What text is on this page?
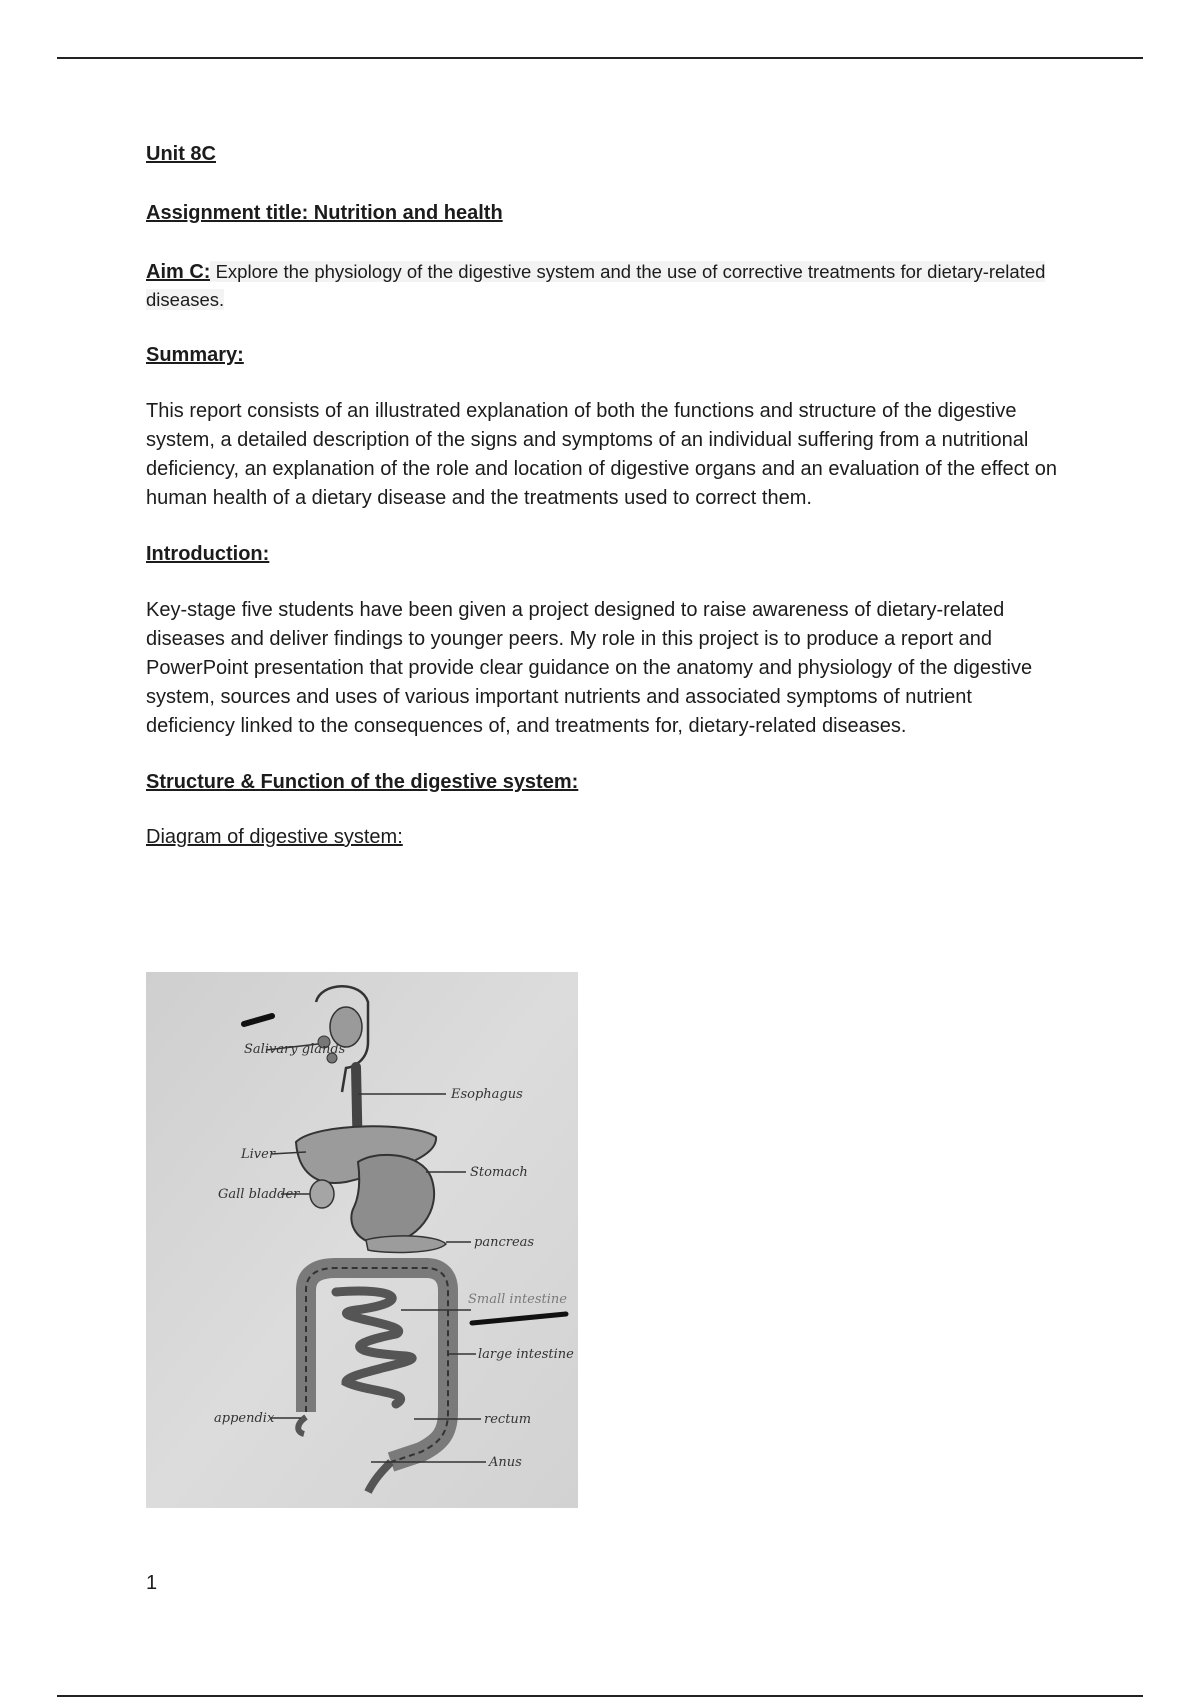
Unit 8C

Assignment title: Nutrition and health

Aim C: Explore the physiology of the digestive system and the use of corrective treatments for dietary-related diseases.

Summary:

This report consists of an illustrated explanation of both the functions and structure of the digestive system, a detailed description of the signs and symptoms of an individual suffering from a nutritional deficiency, an explanation of the role and location of digestive organs and an evaluation of the effect on human health of a dietary disease and the treatments used to correct them.

Introduction:

Key-stage five students have been given a project designed to raise awareness of dietary-related diseases and deliver findings to younger peers. My role in this project is to produce a report and PowerPoint presentation that provide clear guidance on the anatomy and physiology of the digestive system, sources and uses of various important nutrients and associated symptoms of nutrient deficiency linked to the consequences of, and treatments for, dietary-related diseases.

Structure & Function of the digestive system:

Diagram of digestive system:

Salivary glands
Esophagus
Liver
Gall bladder
Stomach
pancreas
Small intestine
large intestine
appendix	rectum
Anus
1
